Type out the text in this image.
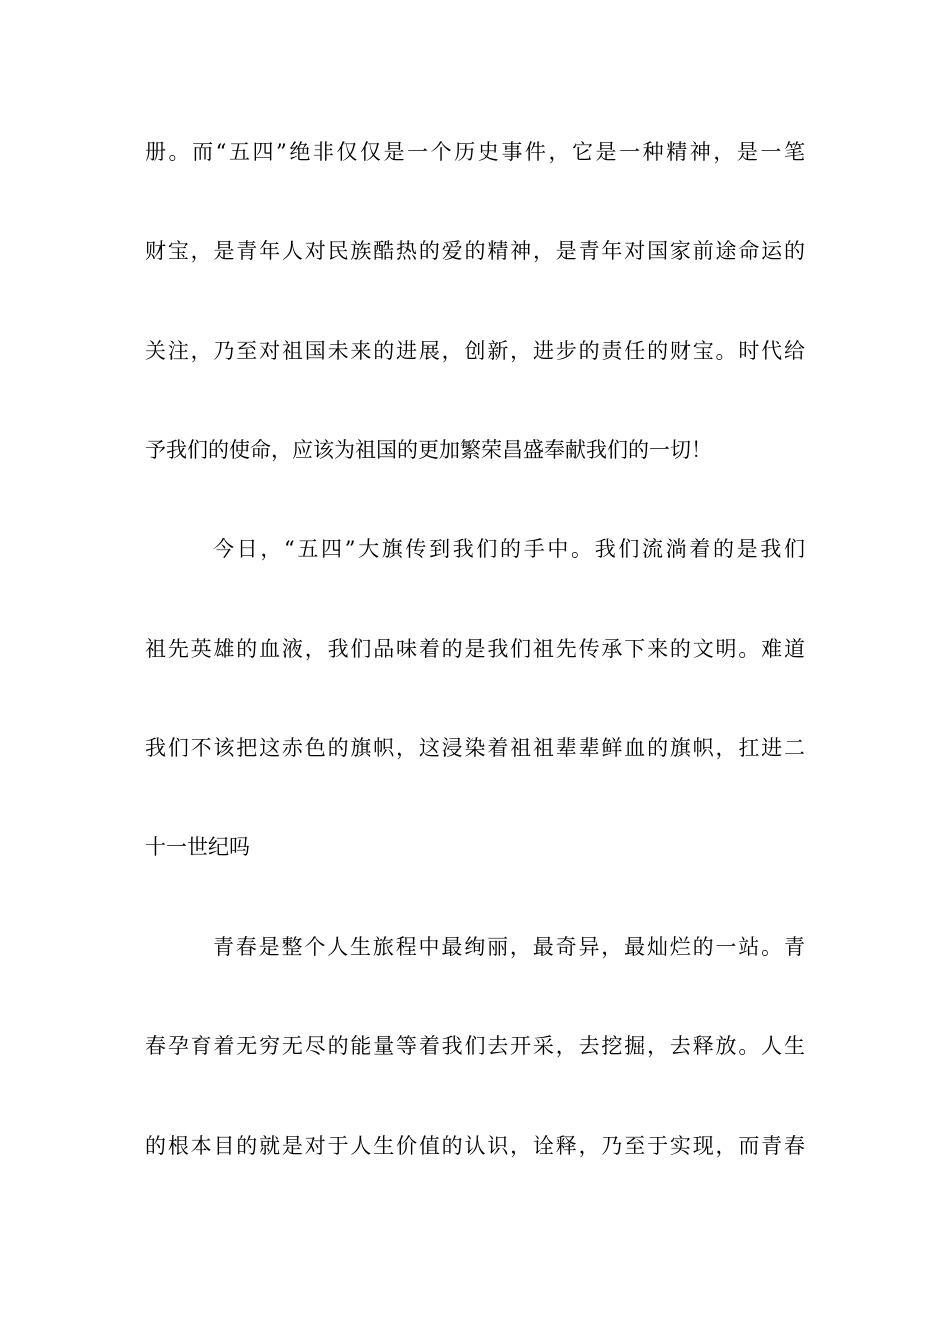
册。而“五四”绝非仅仅是一个历史事件，它是一种精神，是一笔
财宝，是青年人对民族酷热的爱的精神，是青年对国家前途命运的
关注，乃至对祖国未来的进展，创新，进步的责任的财宝。时代给
予我们的使命，应该为祖国的更加繁荣昌盛奉献我们的一切！
今日，“五四”大旗传到我们的手中。我们流淌着的是我们
祖先英雄的血液，我们品味着的是我们祖先传承下来的文明。难道
我们不该把这赤色的旗帜，这浸染着祖祖辈辈鲜血的旗帜，扛进二
十一世纪吗
青春是整个人生旅程中最绚丽，最奇异，最灿烂的一站。青
春孕育着无穷无尽的能量等着我们去开采，去挖掘，去释放。人生
的根本目的就是对于人生价值的认识，诠释，乃至于实现，而青春
